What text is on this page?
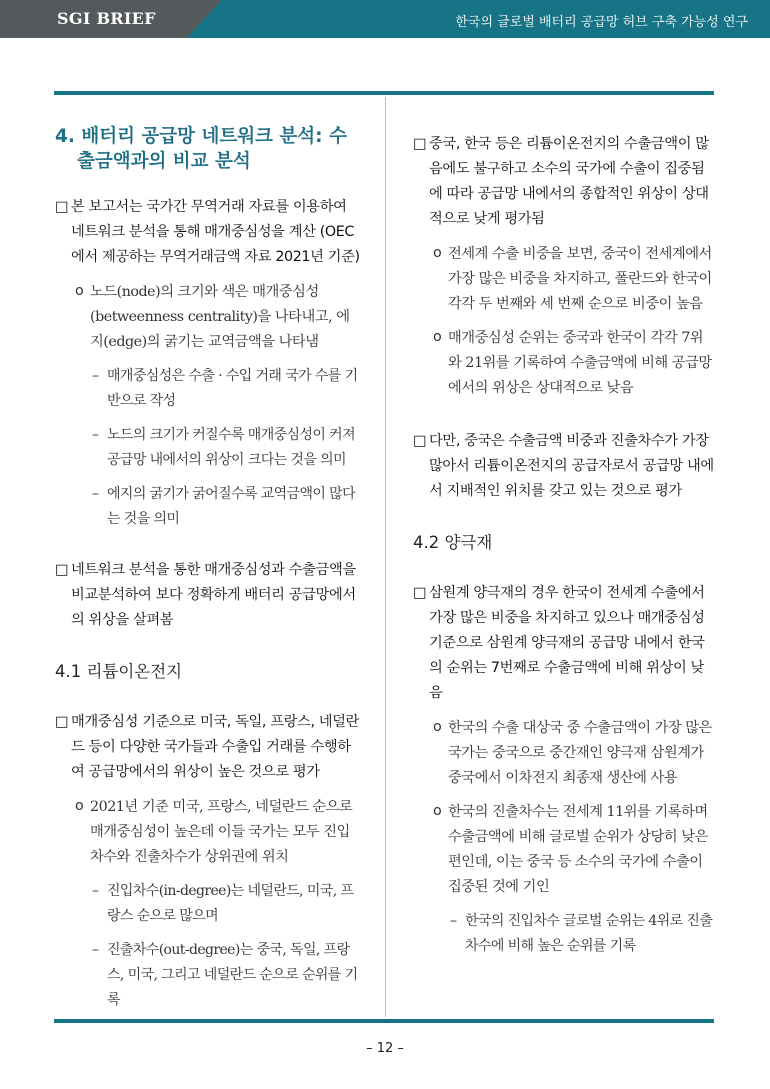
SGI BRIEF	한국의 글로벌 배터리 공급망 허브 구축 가능성 연구
4. 배터리 공급망 네트워크 분석: 수출금액과의 비교 분석
□ 본 보고서는 국가간 무역거래 자료를 이용하여 네트워크 분석을 통해 매개중심성을 계산 (OEC에서 제공하는 무역거래금액 자료 2021년 기준)
o 노드(node)의 크기와 색은 매개중심성(betweenness centrality)을 나타내고, 에지(edge)의 굵기는 교역금액을 나타냄
– 매개중심성은 수출 · 수입 거래 국가 수를 기반으로 작성
– 노드의 크기가 커질수록 매개중심성이 커져 공급망 내에서의 위상이 크다는 것을 의미
– 에지의 굵기가 굵어질수록 교역금액이 많다는 것을 의미
□ 네트워크 분석을 통한 매개중심성과 수출금액을 비교분석하여 보다 정확하게 배터리 공급망에서의 위상을 살펴봄
4.1 리튬이온전지
□ 매개중심성 기준으로 미국, 독일, 프랑스, 네덜란드 등이 다양한 국가들과 수출입 거래를 수행하여 공급망에서의 위상이 높은 것으로 평가
o 2021년 기준 미국, 프랑스, 네덜란드 순으로 매개중심성이 높은데 이들 국가는 모두 진입차수와 진출차수가 상위권에 위치
– 진입차수(in-degree)는 네덜란드, 미국, 프랑스 순으로 많으며
– 진출차수(out-degree)는 중국, 독일, 프랑스, 미국, 그리고 네덜란드 순으로 순위를 기록
□ 중국, 한국 등은 리튬이온전지의 수출금액이 많음에도 불구하고 소수의 국가에 수출이 집중됨에 따라 공급망 내에서의 종합적인 위상이 상대적으로 낮게 평가됨
o 전세계 수출 비중을 보면, 중국이 전세계에서 가장 많은 비중을 차지하고, 폴란드와 한국이 각각 두 번째와 세 번째 순으로 비중이 높음
o 매개중심성 순위는 중국과 한국이 각각 7위와 21위를 기록하여 수출금액에 비해 공급망에서의 위상은 상대적으로 낮음
□ 다만, 중국은 수출금액 비중과 진출차수가 가장 많아서 리튬이온전지의 공급자로서 공급망 내에서 지배적인 위치를 갖고 있는 것으로 평가
4.2 양극재
□ 삼원계 양극재의 경우 한국이 전세계 수출에서 가장 많은 비중을 차지하고 있으나 매개중심성 기준으로 삼원계 양극재의 공급망 내에서 한국의 순위는 7번째로 수출금액에 비해 위상이 낮음
o 한국의 수출 대상국 중 수출금액이 가장 많은 국가는 중국으로 중간재인 양극재 삼원계가 중국에서 이차전지 최종재 생산에 사용
o 한국의 진출차수는 전세계 11위를 기록하며 수출금액에 비해 글로벌 순위가 상당히 낮은 편인데, 이는 중국 등 소수의 국가에 수출이 집중된 것에 기인
– 한국의 진입차수 글로벌 순위는 4위로 진출차수에 비해 높은 순위를 기록
– 12 –
